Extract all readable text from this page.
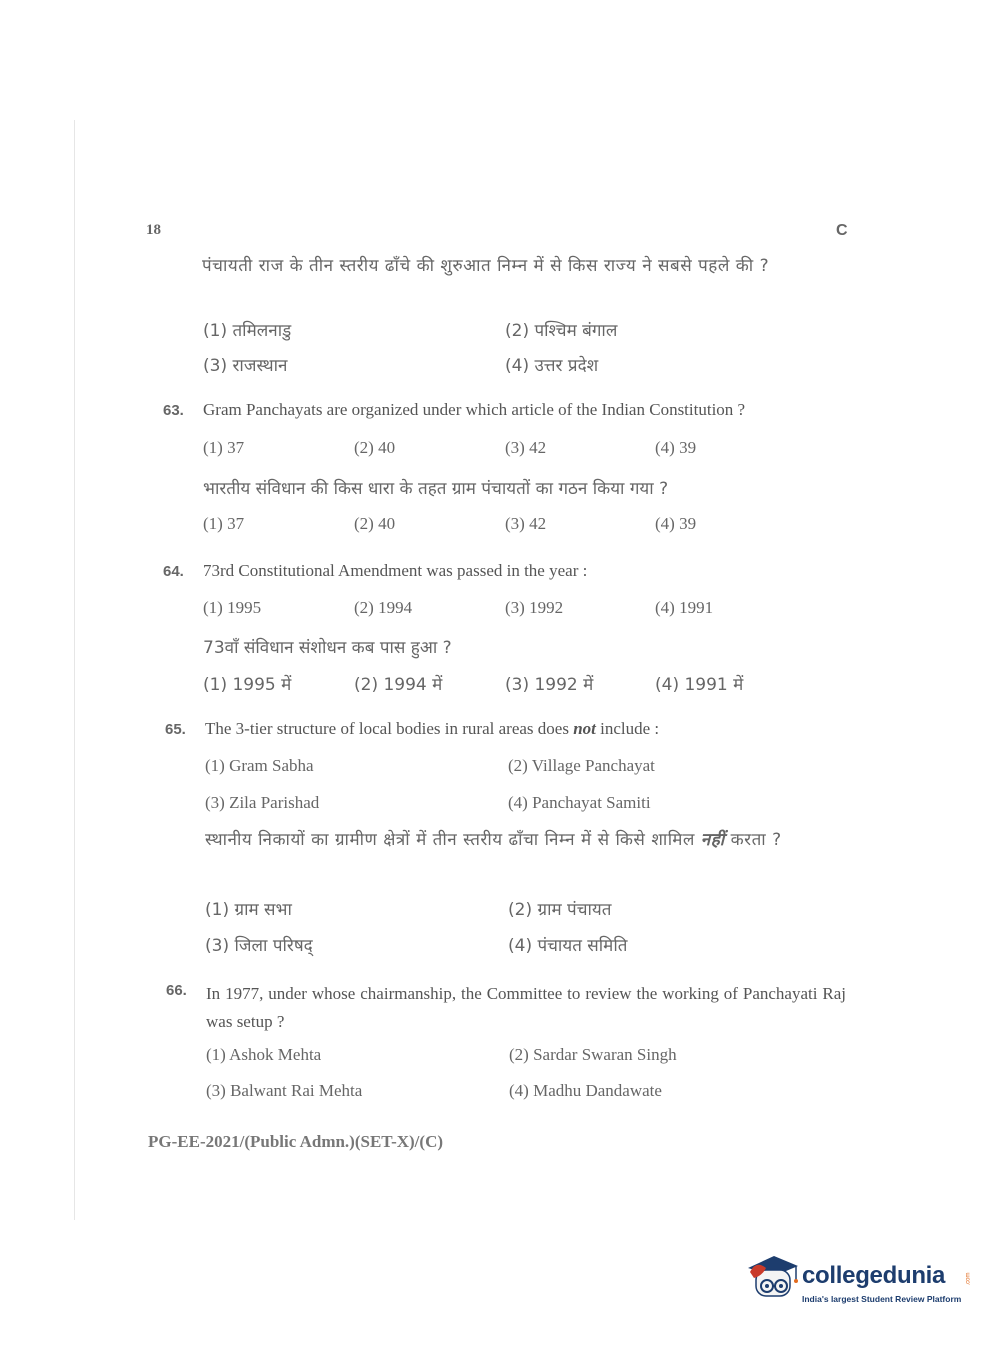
18	C
पंचायती राज के तीन स्तरीय ढाँचे की शुरुआत निम्न में से किस राज्य ने सबसे पहले की ?
(1) तमिलनाडु	(2) पश्चिम बंगाल
(3) राजस्थान	(4) उत्तर प्रदेश
63. Gram Panchayats are organized under which article of the Indian Constitution ?
(1) 37	(2) 40	(3) 42	(4) 39
भारतीय संविधान की किस धारा के तहत ग्राम पंचायतों का गठन किया गया ?
(1) 37	(2) 40	(3) 42	(4) 39
64. 73rd Constitutional Amendment was passed in the year :
(1) 1995	(2) 1994	(3) 1992	(4) 1991
73वाँ संविधान संशोधन कब पास हुआ ?
(1) 1995 में	(2) 1994 में	(3) 1992 में	(4) 1991 में
65. The 3-tier structure of local bodies in rural areas does not include :
(1) Gram Sabha	(2) Village Panchayat
(3) Zila Parishad	(4) Panchayat Samiti
स्थानीय निकायों का ग्रामीण क्षेत्रों में तीन स्तरीय ढाँचा निम्न में से किसे शामिल नहीं करता ?
(1) ग्राम सभा	(2) ग्राम पंचायत
(3) जिला परिषद्	(4) पंचायत समिति
66. In 1977, under whose chairmanship, the Committee to review the working of Panchayati Raj was setup ?
(1) Ashok Mehta	(2) Sardar Swaran Singh
(3) Balwant Rai Mehta	(4) Madhu Dandawate
PG-EE-2021/(Public Admn.)(SET-X)/(C)
collegedunia	.com
India's largest Student Review Platform
